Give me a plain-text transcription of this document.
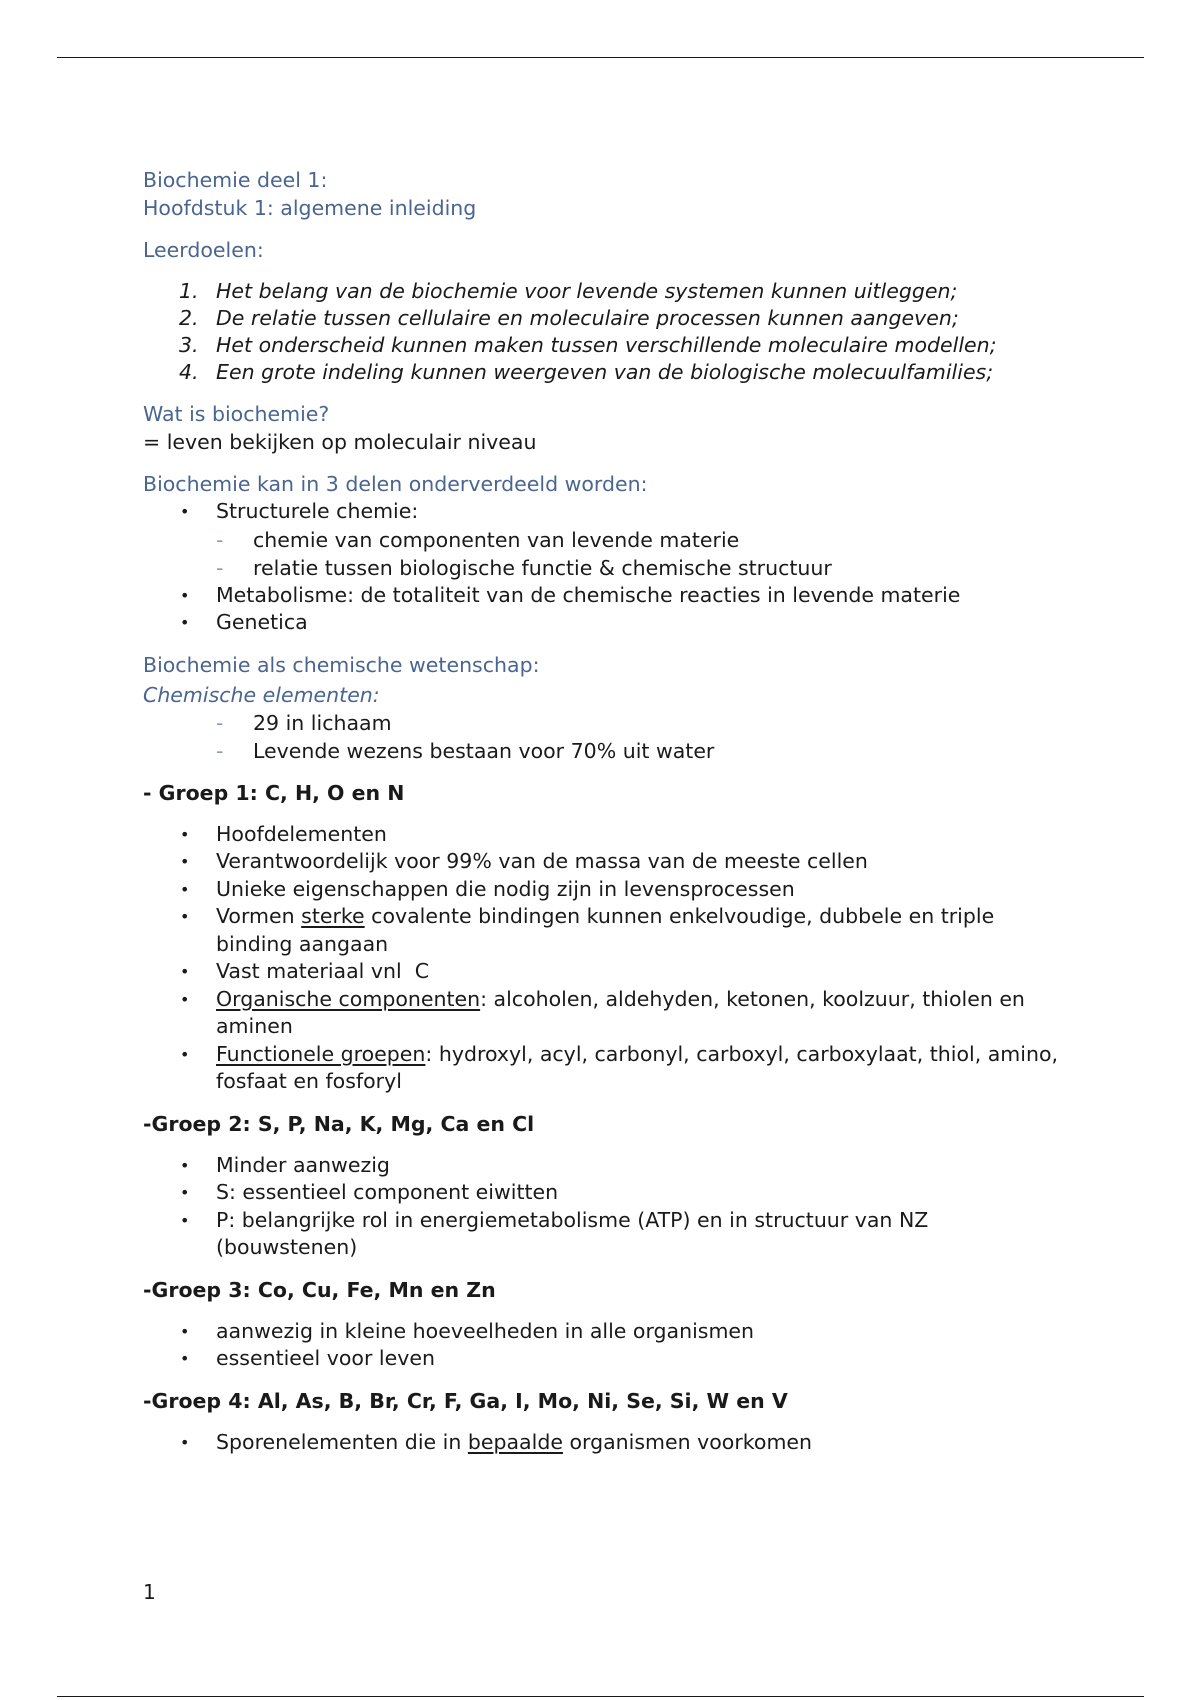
Biochemie deel 1:
Hoofdstuk 1: algemene inleiding
Leerdoelen:
1. Het belang van de biochemie voor levende systemen kunnen uitleggen;
2. De relatie tussen cellulaire en moleculaire processen kunnen aangeven;
3. Het onderscheid kunnen maken tussen verschillende moleculaire modellen;
4. Een grote indeling kunnen weergeven van de biologische molecuulfamilies;
Wat is biochemie?

= leven bekijken op moleculair niveau

Biochemie kan in 3 delen onderverdeeld worden:
• Structurele chemie:
- chemie van componenten van levende materie
- relatie tussen biologische functie & chemische structuur
• Metabolisme: de totaliteit van de chemische reacties in levende materie
• Genetica
Biochemie als chemische wetenschap:
Chemische elementen:
- 29 in lichaam
- Levende wezens bestaan voor 70% uit water

- Groep 1: C, H, O en N

• Hoofdelementen
• Verantwoordelijk voor 99% van de massa van de meeste cellen
• Unieke eigenschappen die nodig zijn in levensprocessen
• Vormen sterke covalente bindingen kunnen enkelvoudige, dubbele en triple binding aangaan
• Vast materiaal vnl  C
• Organische componenten: alcoholen, aldehyden, ketonen, koolzuur, thiolen en aminen
• Functionele groepen: hydroxyl, acyl, carbonyl, carboxyl, carboxylaat, thiol, amino, fosfaat en fosforyl

-Groep 2: S, P, Na, K, Mg, Ca en Cl

• Minder aanwezig
• S: essentieel component eiwitten
• P: belangrijke rol in energiemetabolisme (ATP) en in structuur van NZ (bouwstenen)

-Groep 3: Co, Cu, Fe, Mn en Zn

• aanwezig in kleine hoeveelheden in alle organismen
• essentieel voor leven

-Groep 4: Al, As, B, Br, Cr, F, Ga, I, Mo, Ni, Se, Si, W en V

• Sporenelementen die in bepaalde organismen voorkomen
1
